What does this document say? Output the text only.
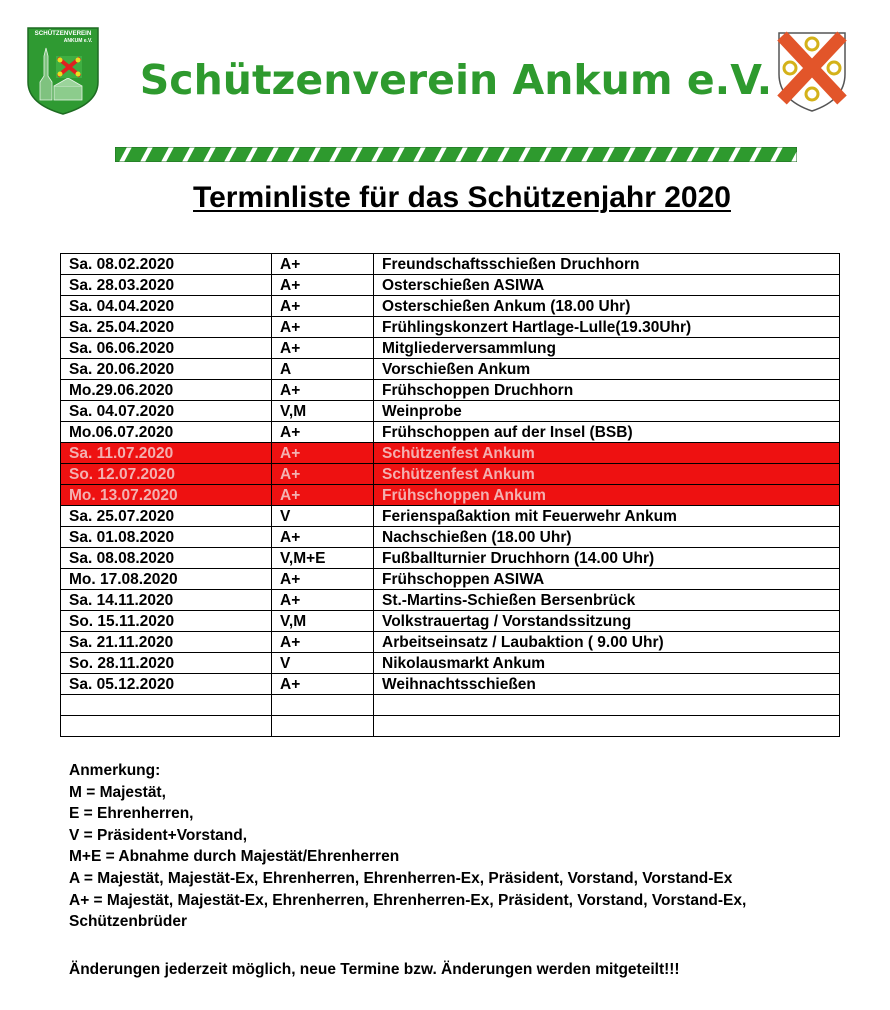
SCHÜTZENVEREIN
ANKUM e.V.
Schützenverein Ankum e.V.
Terminliste für das Schützenjahr 2020
Sa. 08.02.2020	A+	Freundschaftsschießen Druchhorn
Sa. 28.03.2020	A+	Osterschießen ASIWA
Sa. 04.04.2020	A+	Osterschießen Ankum (18.00 Uhr)
Sa. 25.04.2020	A+	Frühlingskonzert Hartlage-Lulle(19.30Uhr)
Sa. 06.06.2020	A+	Mitgliederversammlung
Sa. 20.06.2020	A	Vorschießen Ankum
Mo.29.06.2020	A+	Frühschoppen Druchhorn
Sa. 04.07.2020	V,M	Weinprobe
Mo.06.07.2020	A+	Frühschoppen auf der Insel (BSB)
Sa. 11.07.2020	A+	Schützenfest Ankum
So. 12.07.2020	A+	Schützenfest Ankum
Mo. 13.07.2020	A+	Frühschoppen Ankum
Sa. 25.07.2020	V	Ferienspaßaktion mit Feuerwehr Ankum
Sa. 01.08.2020	A+	Nachschießen (18.00 Uhr)
Sa. 08.08.2020	V,M+E	Fußballturnier Druchhorn (14.00 Uhr)
Mo. 17.08.2020	A+	Frühschoppen ASIWA
Sa. 14.11.2020	A+	St.-Martins-Schießen Bersenbrück
So. 15.11.2020	V,M	Volkstrauertag / Vorstandssitzung
Sa. 21.11.2020	A+	Arbeitseinsatz / Laubaktion ( 9.00 Uhr)
So. 28.11.2020	V	Nikolausmarkt Ankum
Sa. 05.12.2020	A+	Weihnachtsschießen

Anmerkung:
M = Majestät,
E = Ehrenherren,
V = Präsident+Vorstand,
M+E = Abnahme durch Majestät/Ehrenherren
A = Majestät, Majestät-Ex, Ehrenherren, Ehrenherren-Ex, Präsident, Vorstand, Vorstand-Ex
A+ = Majestät, Majestät-Ex, Ehrenherren, Ehrenherren-Ex, Präsident, Vorstand, Vorstand-Ex,
Schützenbrüder
Änderungen jederzeit möglich, neue Termine bzw. Änderungen werden mitgeteilt!!!
